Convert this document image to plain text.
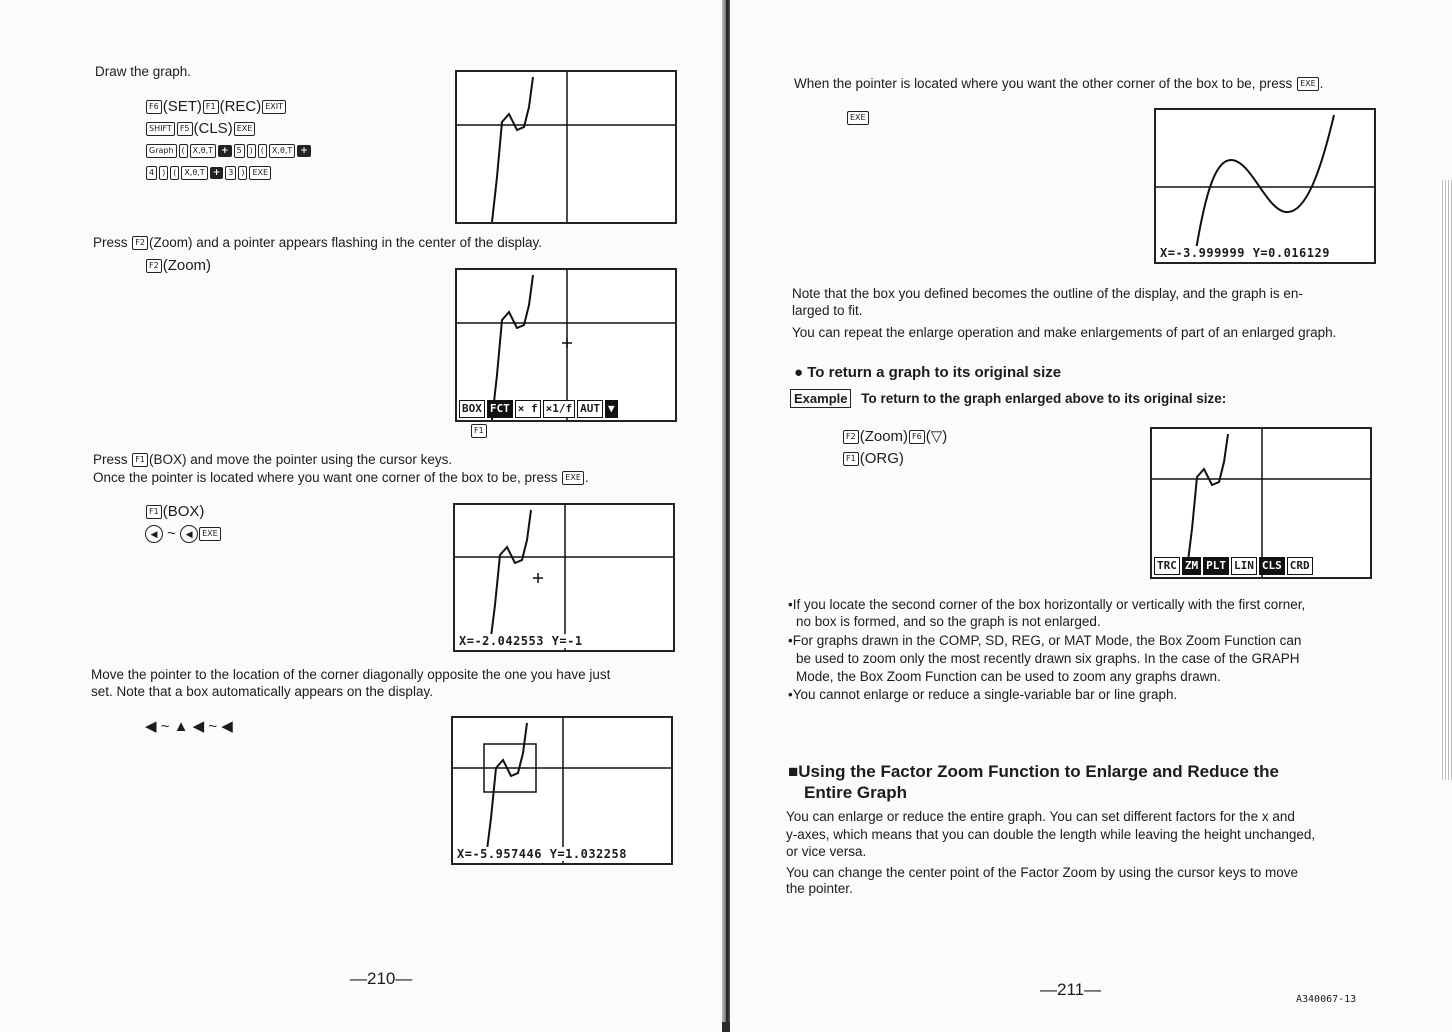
Draw the graph.
F6 (SET) F1 (REC) EXIT
SHIFT F5 (CLS) EXE
Graph ( X,θ,T + 5 ) ( X,θ,T +
4 ) ( X,θ,T + 3 ) EXE
Press F2 (Zoom) and a pointer appears flashing in the center of the display.
F2 (Zoom)
BOX FCT × f ×1/f AUT ▼
F1
Press F1 (BOX) and move the pointer using the cursor keys.
Once the pointer is located where you want one corner of the box to be, press EXE .
F1 (BOX)
◀ ~ ◀ EXE
X=-2.042553 Y=-1
Move the pointer to the location of the corner diagonally opposite the one you have just
set. Note that a box automatically appears on the display.
◀ ~ ▲ ◀ ~ ◀
X=-5.957446 Y=1.032258
—210—
When the pointer is located where you want the other corner of the box to be, press EXE .
EXE
X=-3.999999 Y=0.016129
Note that the box you defined becomes the outline of the display, and the graph is en-
larged to fit.
You can repeat the enlarge operation and make enlargements of part of an enlarged graph.
● To return a graph to its original size
Example To return to the graph enlarged above to its original size:
F2 (Zoom) F6 (▽)
F1 (ORG)
TRC ZM PLT LIN CLS CRD
•If you locate the second corner of the box horizontally or vertically with the first corner,
no box is formed, and so the graph is not enlarged.
•For graphs drawn in the COMP, SD, REG, or MAT Mode, the Box Zoom Function can
be used to zoom only the most recently drawn six graphs. In the case of the GRAPH
Mode, the Box Zoom Function can be used to zoom any graphs drawn.
•You cannot enlarge or reduce a single-variable bar or line graph.
■Using the Factor Zoom Function to Enlarge and Reduce the
Entire Graph
You can enlarge or reduce the entire graph. You can set different factors for the x and
y-axes, which means that you can double the length while leaving the height unchanged,
or vice versa.
You can change the center point of the Factor Zoom by using the cursor keys to move
the pointer.
—211—
A340067-13
